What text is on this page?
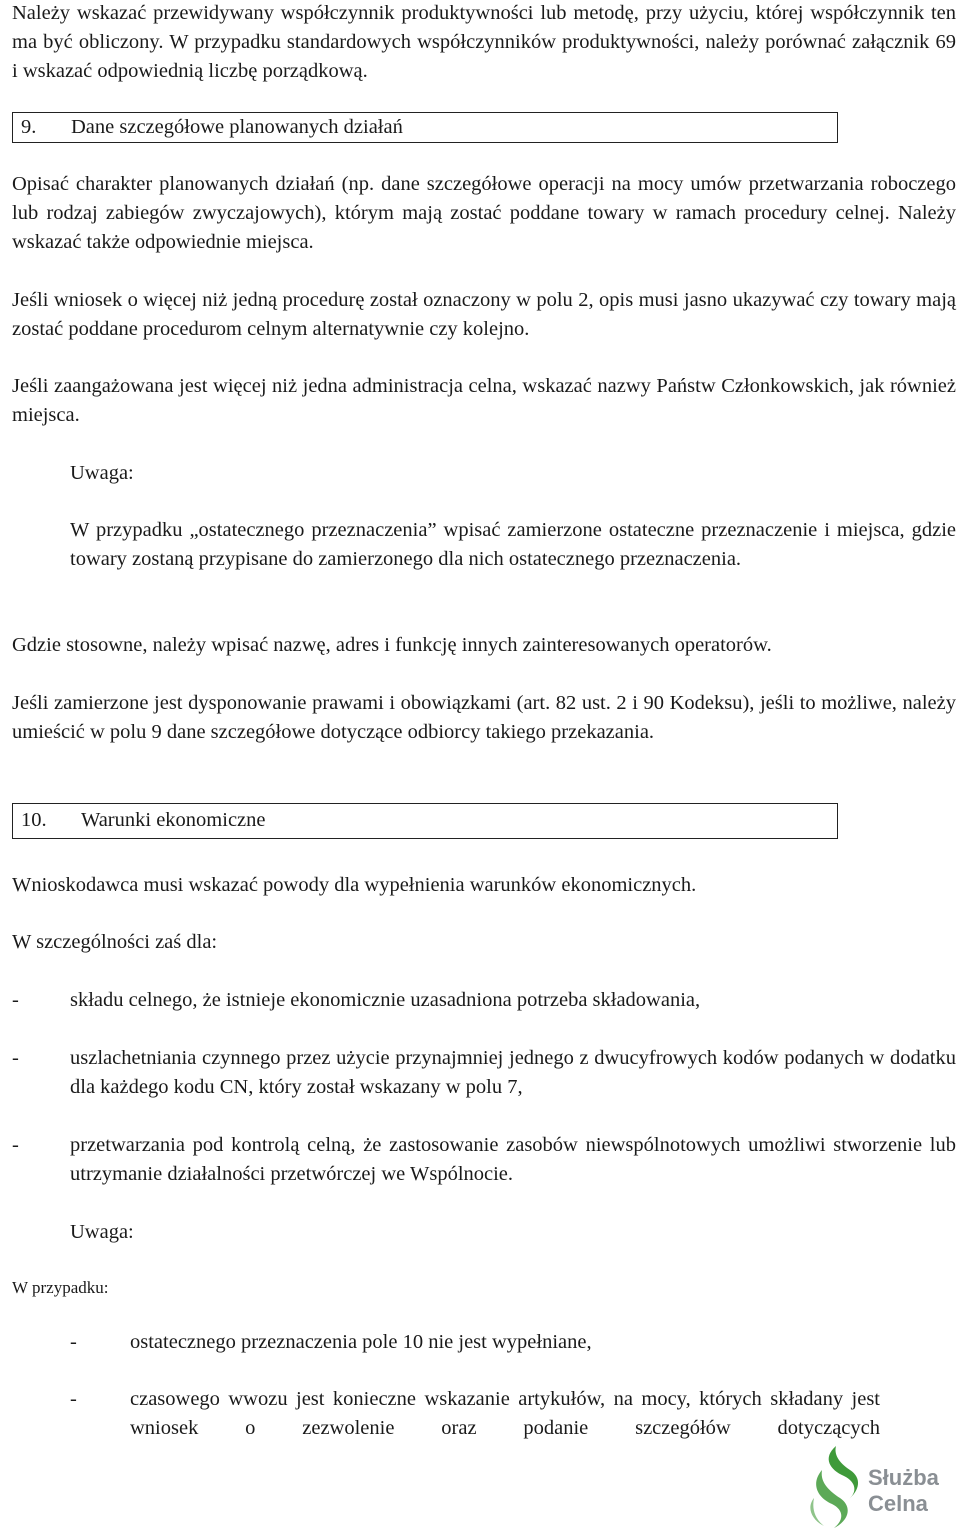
Należy wskazać przewidywany współczynnik produktywności lub metodę, przy użyciu, której współczynnik ten ma być obliczony. W przypadku standardowych współczynników produktywności, należy porównać załącznik 69 i wskazać odpowiednią liczbę porządkową.

9. Dane szczegółowe planowanych działań

Opisać charakter planowanych działań (np. dane szczegółowe operacji na mocy umów przetwarzania roboczego lub rodzaj zabiegów zwyczajowych), którym mają zostać poddane towary w ramach procedury celnej. Należy wskazać także odpowiednie miejsca.

Jeśli wniosek o więcej niż jedną procedurę został oznaczony w polu 2, opis musi jasno ukazywać czy towary mają zostać poddane procedurom celnym alternatywnie czy kolejno.

Jeśli zaangażowana jest więcej niż jedna administracja celna, wskazać nazwy Państw Członkowskich, jak również miejsca.

Uwaga:

W przypadku „ostatecznego przeznaczenia” wpisać zamierzone ostateczne przeznaczenie i miejsca, gdzie towary zostaną przypisane do zamierzonego dla nich ostatecznego przeznaczenia.

Gdzie stosowne, należy wpisać nazwę, adres i funkcję innych zainteresowanych operatorów.

Jeśli zamierzone jest dysponowanie prawami i obowiązkami (art. 82 ust. 2 i 90 Kodeksu), jeśli to możliwe, należy umieścić w polu 9 dane szczegółowe dotyczące odbiorcy takiego przekazania.

10. Warunki ekonomiczne

Wnioskodawca musi wskazać powody dla wypełnienia warunków ekonomicznych.

W szczególności zaś dla:

- składu celnego, że istnieje ekonomicznie uzasadniona potrzeba składowania,

- uszlachetniania czynnego przez użycie przynajmniej jednego z dwucyfrowych kodów podanych w dodatku dla każdego kodu CN, który został wskazany w polu 7,

- przetwarzania pod kontrolą celną, że zastosowanie zasobów niewspólnotowych umożliwi stworzenie lub utrzymanie działalności przetwórczej we Wspólnocie.

Uwaga:

W przypadku:

-	ostatecznego przeznaczenia pole 10 nie jest wypełniane,

-	czasowego wwozu jest konieczne wskazanie artykułów, na mocy, których składany jest wniosek o zezwolenie oraz podanie szczegółów dotyczących

Służba
Celna
